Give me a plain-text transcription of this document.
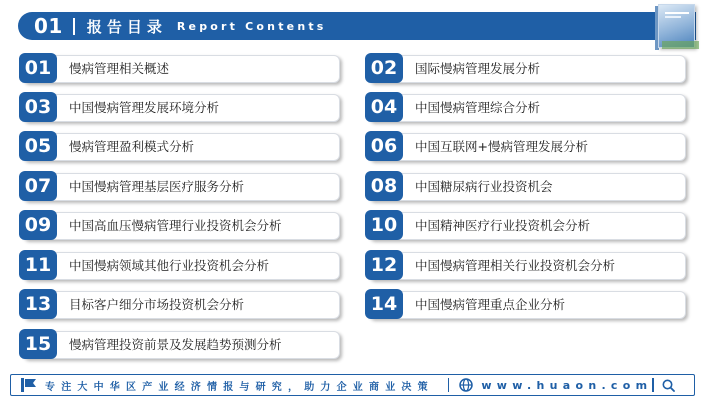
01 报告目录 Report Contents
01	慢病管理相关概述	02	国际慢病管理发展分析
03	中国慢病管理发展环境分析	04	中国慢病管理综合分析
05	慢病管理盈利模式分析	06	中国互联网+慢病管理发展分析
07	中国慢病管理基层医疗服务分析	08	中国糖尿病行业投资机会
09	中国高血压慢病管理行业投资机会分析	10	中国精神医疗行业投资机会分析
11	中国慢病领域其他行业投资机会分析	12	中国慢病管理相关行业投资机会分析
13	目标客户细分市场投资机会分析	14	中国慢病管理重点企业分析
15	慢病管理投资前景及发展趋势预测分析
专注大中华区产业经济情报与研究，助力企业商业决策	www.huaon.com
